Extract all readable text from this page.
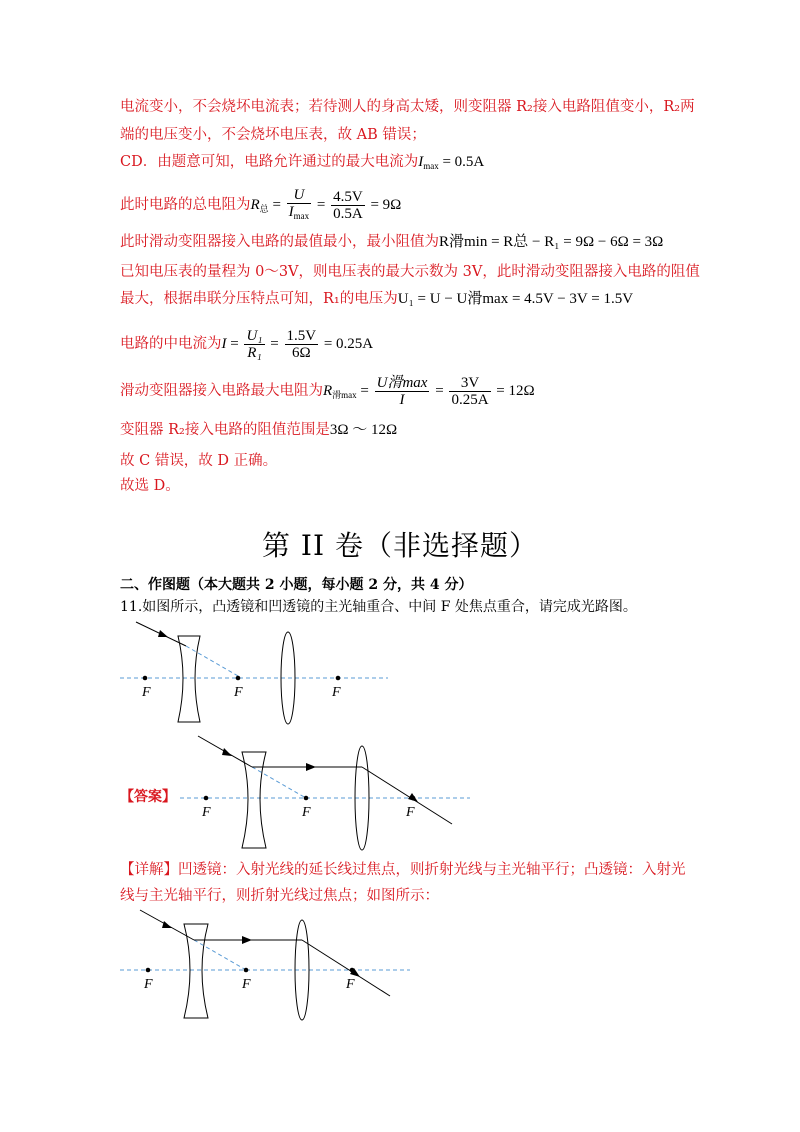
电流变小，不会烧坏电流表；若待测人的身高太矮，则变阻器 R₂接入电路阻值变小，R₂两
端的电压变小，不会烧坏电压表，故 AB 错误；
CD．由题意可知，电路允许通过的最大电流为$I_{max} = 0.5A$
此时电路的总电阻为$R_总 = \frac{U}{I_{max}} = \frac{4.5V}{0.5A} = 9\Omega$
此时滑动变阻器接入电路的最值最小，最小阻值为R滑min = R总 − R₁ = 9Ω − 6Ω = 3Ω
已知电压表的量程为 0～3V，则电压表的最大示数为 3V，此时滑动变阻器接入电路的阻值
最大，根据串联分压特点可知，R₁的电压为U₁ = U − U滑max = 4.5V − 3V = 1.5V
电路的中电流为$I = \frac{\text{U₁}}{\text{R₁}} = \frac{1.5V}{6\Omega} = 0.25A$
滑动变阻器接入电路最大电阻为$R_{滑max} = \frac{\text{U滑max}}{I} = \frac{3V}{0.25A} = 12\Omega$
变阻器 R₂接入电路的阻值范围是3Ω ～ 12Ω
故 C 错误，故 D 正确。
故选 D。
第 II 卷（非选择题）
二、作图题（本大题共 2 小题，每小题 2 分，共 4 分）
11.如图所示，凸透镜和凹透镜的主光轴重合、中间 F 处焦点重合，请完成光路图。
F	F	F
【答案】
F	F	F
【详解】凹透镜：入射光线的延长线过焦点，则折射光线与主光轴平行；凸透镜：入射光
线与主光轴平行，则折射光线过焦点；如图所示：
F	F	F
